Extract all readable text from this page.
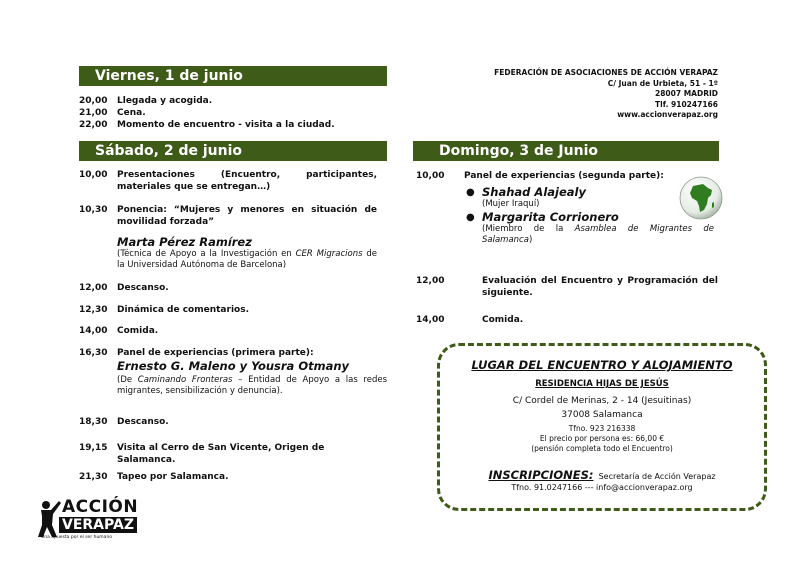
FEDERACIÓN DE ASOCIACIONES DE ACCIÓN VERAPAZ
C/ Juan de Urbieta, 51 - 1º
28007 MADRID
Tlf. 910247166
www.accionverapaz.org
Viernes, 1 de junio
20,00	Llegada y acogida.
21,00	Cena.
22,00	Momento de encuentro - visita a la ciudad.
Sábado, 2 de junio
10,00	Presentaciones (Encuentro, participantes, materiales que se entregan…)
10,30	Ponencia: “Mujeres y menores en situación de movilidad forzada”
Marta Pérez Ramírez
(Técnica de Apoyo a la Investigación en CER Migracions de la Universidad Autónoma de Barcelona)
12,00	Descanso.
12,30	Dinámica de comentarios.
14,00	Comida.
16,30	Panel de experiencias (primera parte):
Ernesto G. Maleno y Yousra Otmany
(De Caminando Fronteras – Entidad de Apoyo a las redes migrantes, sensibilización y denuncia).
18,30	Descanso.
19,15	Visita al Cerro de San Vicente, Origen de Salamanca.
21,30	Tapeo por Salamanca.
Domingo, 3 de Junio
10,00	Panel de experiencias (segunda parte):
● Shahad Alajealy
(Mujer Iraquí)
● Margarita Corrionero
(Miembro de la Asamblea de Migrantes de Salamanca)
12,00	Evaluación del Encuentro y Programación del siguiente.
14,00	Comida.
LUGAR DEL ENCUENTRO Y ALOJAMIENTO
RESIDENCIA HIJAS DE JESÚS
C/ Cordel de Merinas, 2 - 14 (Jesuitinas)
37008 Salamanca
Tfno. 923 216338
El precio por persona es: 66,00 €
(pensión completa todo el Encuentro)
INSCRIPCIONES: Secretaría de Acción Verapaz
Tfno. 91.0247166 --- info@accionverapaz.org
ACCIÓN
VERAPAZ
Una apuesta por el ser humano
